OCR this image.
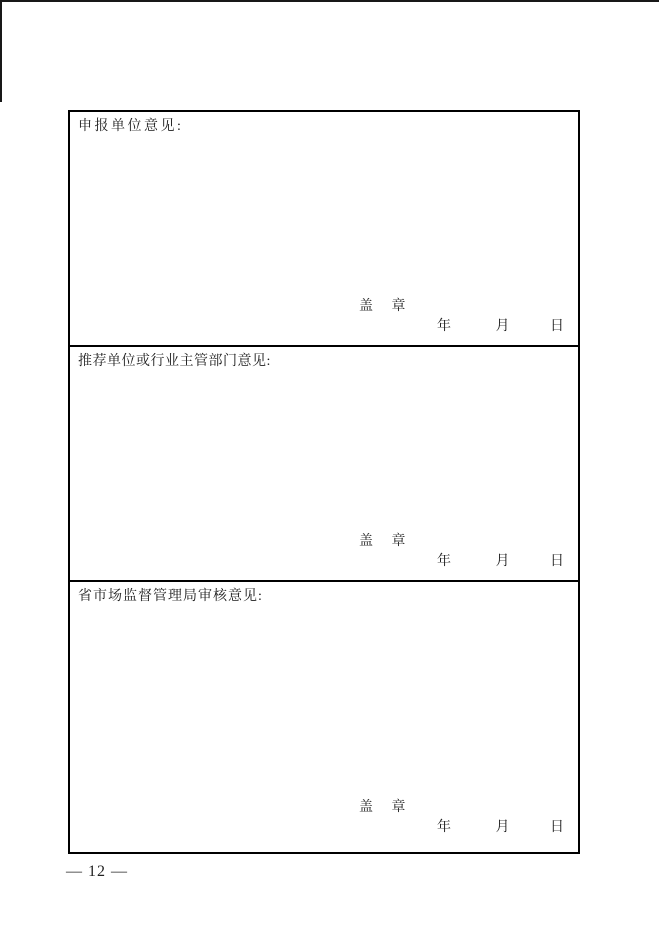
申报单位意见:
盖 章
年	月	日
推荐单位或行业主管部门意见:
盖 章
年	月	日
省市场监督管理局审核意见:
盖 章
年	月	日
— 12 —
